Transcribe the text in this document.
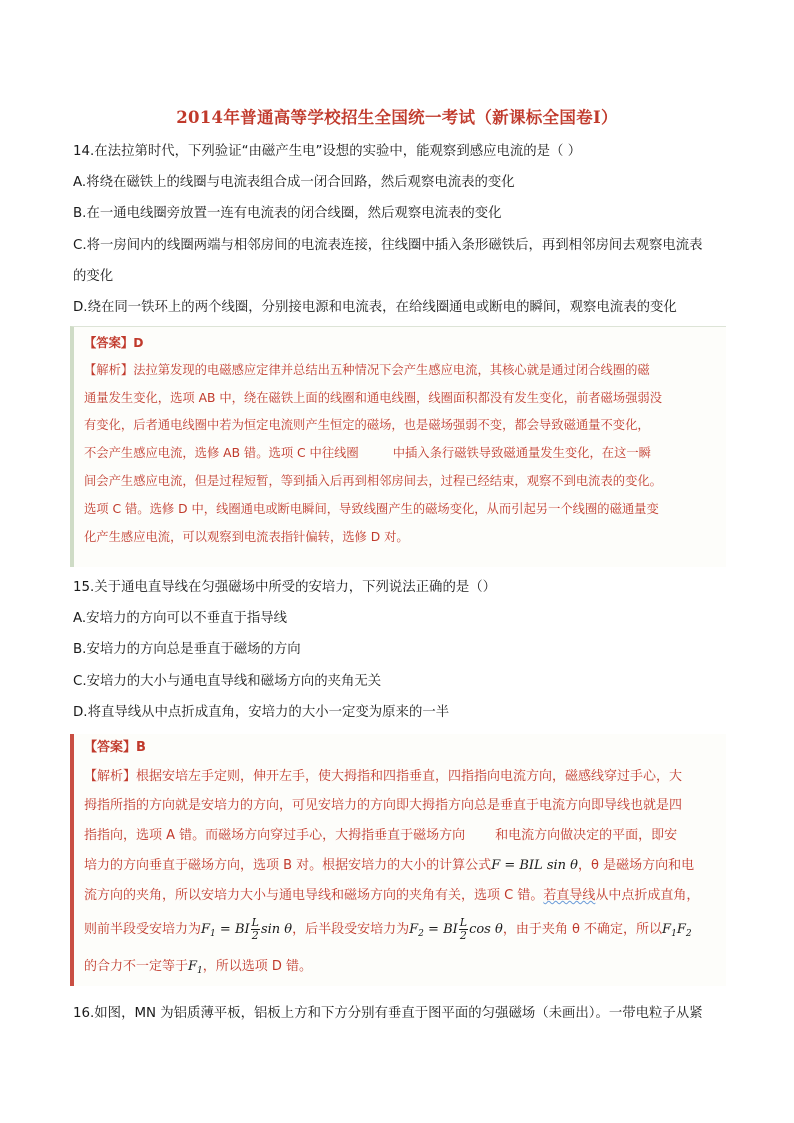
2014年普通高等学校招生全国统一考试（新课标全国卷Ⅰ）
14.在法拉第时代，下列验证“由磁产生电”设想的实验中，能观察到感应电流的是（ ）
A.将绕在磁铁上的线圈与电流表组合成一闭合回路，然后观察电流表的变化
B.在一通电线圈旁放置一连有电流表的闭合线圈，然后观察电流表的变化
C.将一房间内的线圈两端与相邻房间的电流表连接，往线圈中插入条形磁铁后，再到相邻房间去观察电流表
的变化
D.绕在同一铁环上的两个线圈，分别接电源和电流表，在给线圈通电或断电的瞬间，观察电流表的变化
【答案】D
【解析】法拉第发现的电磁感应定律并总结出五种情况下会产生感应电流，其核心就是通过闭合线圈的磁
通量发生变化，选项 AB 中，绕在磁铁上面的线圈和通电线圈，线圈面积都没有发生变化，前者磁场强弱没
有变化，后者通电线圈中若为恒定电流则产生恒定的磁场，也是磁场强弱不变，都会导致磁通量不变化，
不会产生感应电流，选修 AB 错。选项 C 中往线圈	中插入条行磁铁导致磁通量发生变化，在这一瞬
间会产生感应电流，但是过程短暂，等到插入后再到相邻房间去，过程已经结束，观察不到电流表的变化。
选项 C 错。选修 D 中，线圈通电或断电瞬间，导致线圈产生的磁场变化，从而引起另一个线圈的磁通量变
化产生感应电流，可以观察到电流表指针偏转，选修 D 对。
15.关于通电直导线在匀强磁场中所受的安培力，下列说法正确的是（）
A.安培力的方向可以不垂直于指导线
B.安培力的方向总是垂直于磁场的方向
C.安培力的大小与通电直导线和磁场方向的夹角无关
D.将直导线从中点折成直角，安培力的大小一定变为原来的一半
【答案】B
【解析】根据安培左手定则，伸开左手，使大拇指和四指垂直，四指指向电流方向，磁感线穿过手心，大
拇指所指的方向就是安培力的方向，可见安培力的方向即大拇指方向总是垂直于电流方向即导线也就是四
指指向，选项 A 错。而磁场方向穿过手心，大拇指垂直于磁场方向 和电流方向做决定的平面，即安
培力的方向垂直于磁场方向，选项 B 对。根据安培力的大小的计算公式F = BIL sin θ，θ 是磁场方向和电
流方向的夹角，所以安培力大小与通电导线和磁场方向的夹角有关，选项 C 错。若直导线从中点折成直角，
则前半段受安培力为$F_1$ = BI $\frac{L}{2}$ sin θ，后半段受安培力为$F_2$ = BI $\frac{L}{2}$ cos θ，由于夹角 θ 不确定，所以$F_1F_2$
的合力不一定等于$F_1$，所以选项 D 错。
16.如图，MN 为铝质薄平板，铝板上方和下方分别有垂直于图平面的匀强磁场（未画出）。一带电粒子从紧
